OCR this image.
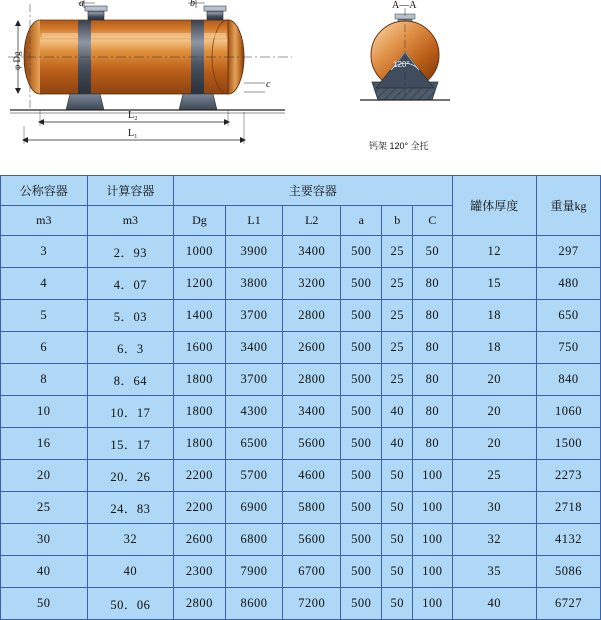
a	b
c
φ Dg
L₂
L₁
A—A
120°
钙架 120° 全托
公称容器	计算容器	主要容器						罐体厚度	重量kg
m3	m3	Dg	L1	L2	a	b	C		
3	2．93	1000	3900	3400	500	25	50	12	297
4	4．07	1200	3800	3200	500	25	80	15	480
5	5．03	1400	3700	2800	500	25	80	18	650
6	6．3	1600	3400	2600	500	25	80	18	750
8	8．64	1800	3700	2800	500	25	80	20	840
10	10．17	1800	4300	3400	500	40	80	20	1060
16	15．17	1800	6500	5600	500	40	80	20	1500
20	20．26	2200	5700	4600	500	50	100	25	2273
25	24．83	2200	6900	5800	500	50	100	30	2718
30	32	2600	6800	5600	500	50	100	32	4132
40	40	2300	7900	6700	500	50	100	35	5086
50	50．06	2800	8600	7200	500	50	100	40	6727
